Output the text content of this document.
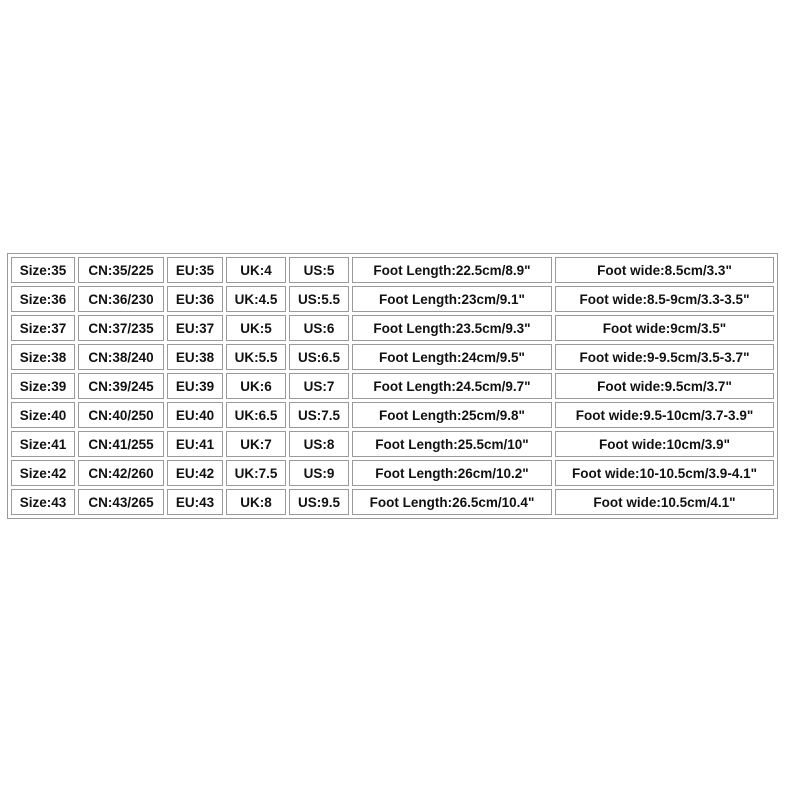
Size:35	CN:35/225	EU:35	UK:4	US:5	Foot Length:22.5cm/8.9"	Foot wide:8.5cm/3.3"
Size:36	CN:36/230	EU:36	UK:4.5	US:5.5	Foot Length:23cm/9.1"	Foot wide:8.5-9cm/3.3-3.5"
Size:37	CN:37/235	EU:37	UK:5	US:6	Foot Length:23.5cm/9.3"	Foot wide:9cm/3.5"
Size:38	CN:38/240	EU:38	UK:5.5	US:6.5	Foot Length:24cm/9.5"	Foot wide:9-9.5cm/3.5-3.7"
Size:39	CN:39/245	EU:39	UK:6	US:7	Foot Length:24.5cm/9.7"	Foot wide:9.5cm/3.7"
Size:40	CN:40/250	EU:40	UK:6.5	US:7.5	Foot Length:25cm/9.8"	Foot wide:9.5-10cm/3.7-3.9"
Size:41	CN:41/255	EU:41	UK:7	US:8	Foot Length:25.5cm/10"	Foot wide:10cm/3.9"
Size:42	CN:42/260	EU:42	UK:7.5	US:9	Foot Length:26cm/10.2"	Foot wide:10-10.5cm/3.9-4.1"
Size:43	CN:43/265	EU:43	UK:8	US:9.5	Foot Length:26.5cm/10.4"	Foot wide:10.5cm/4.1"
